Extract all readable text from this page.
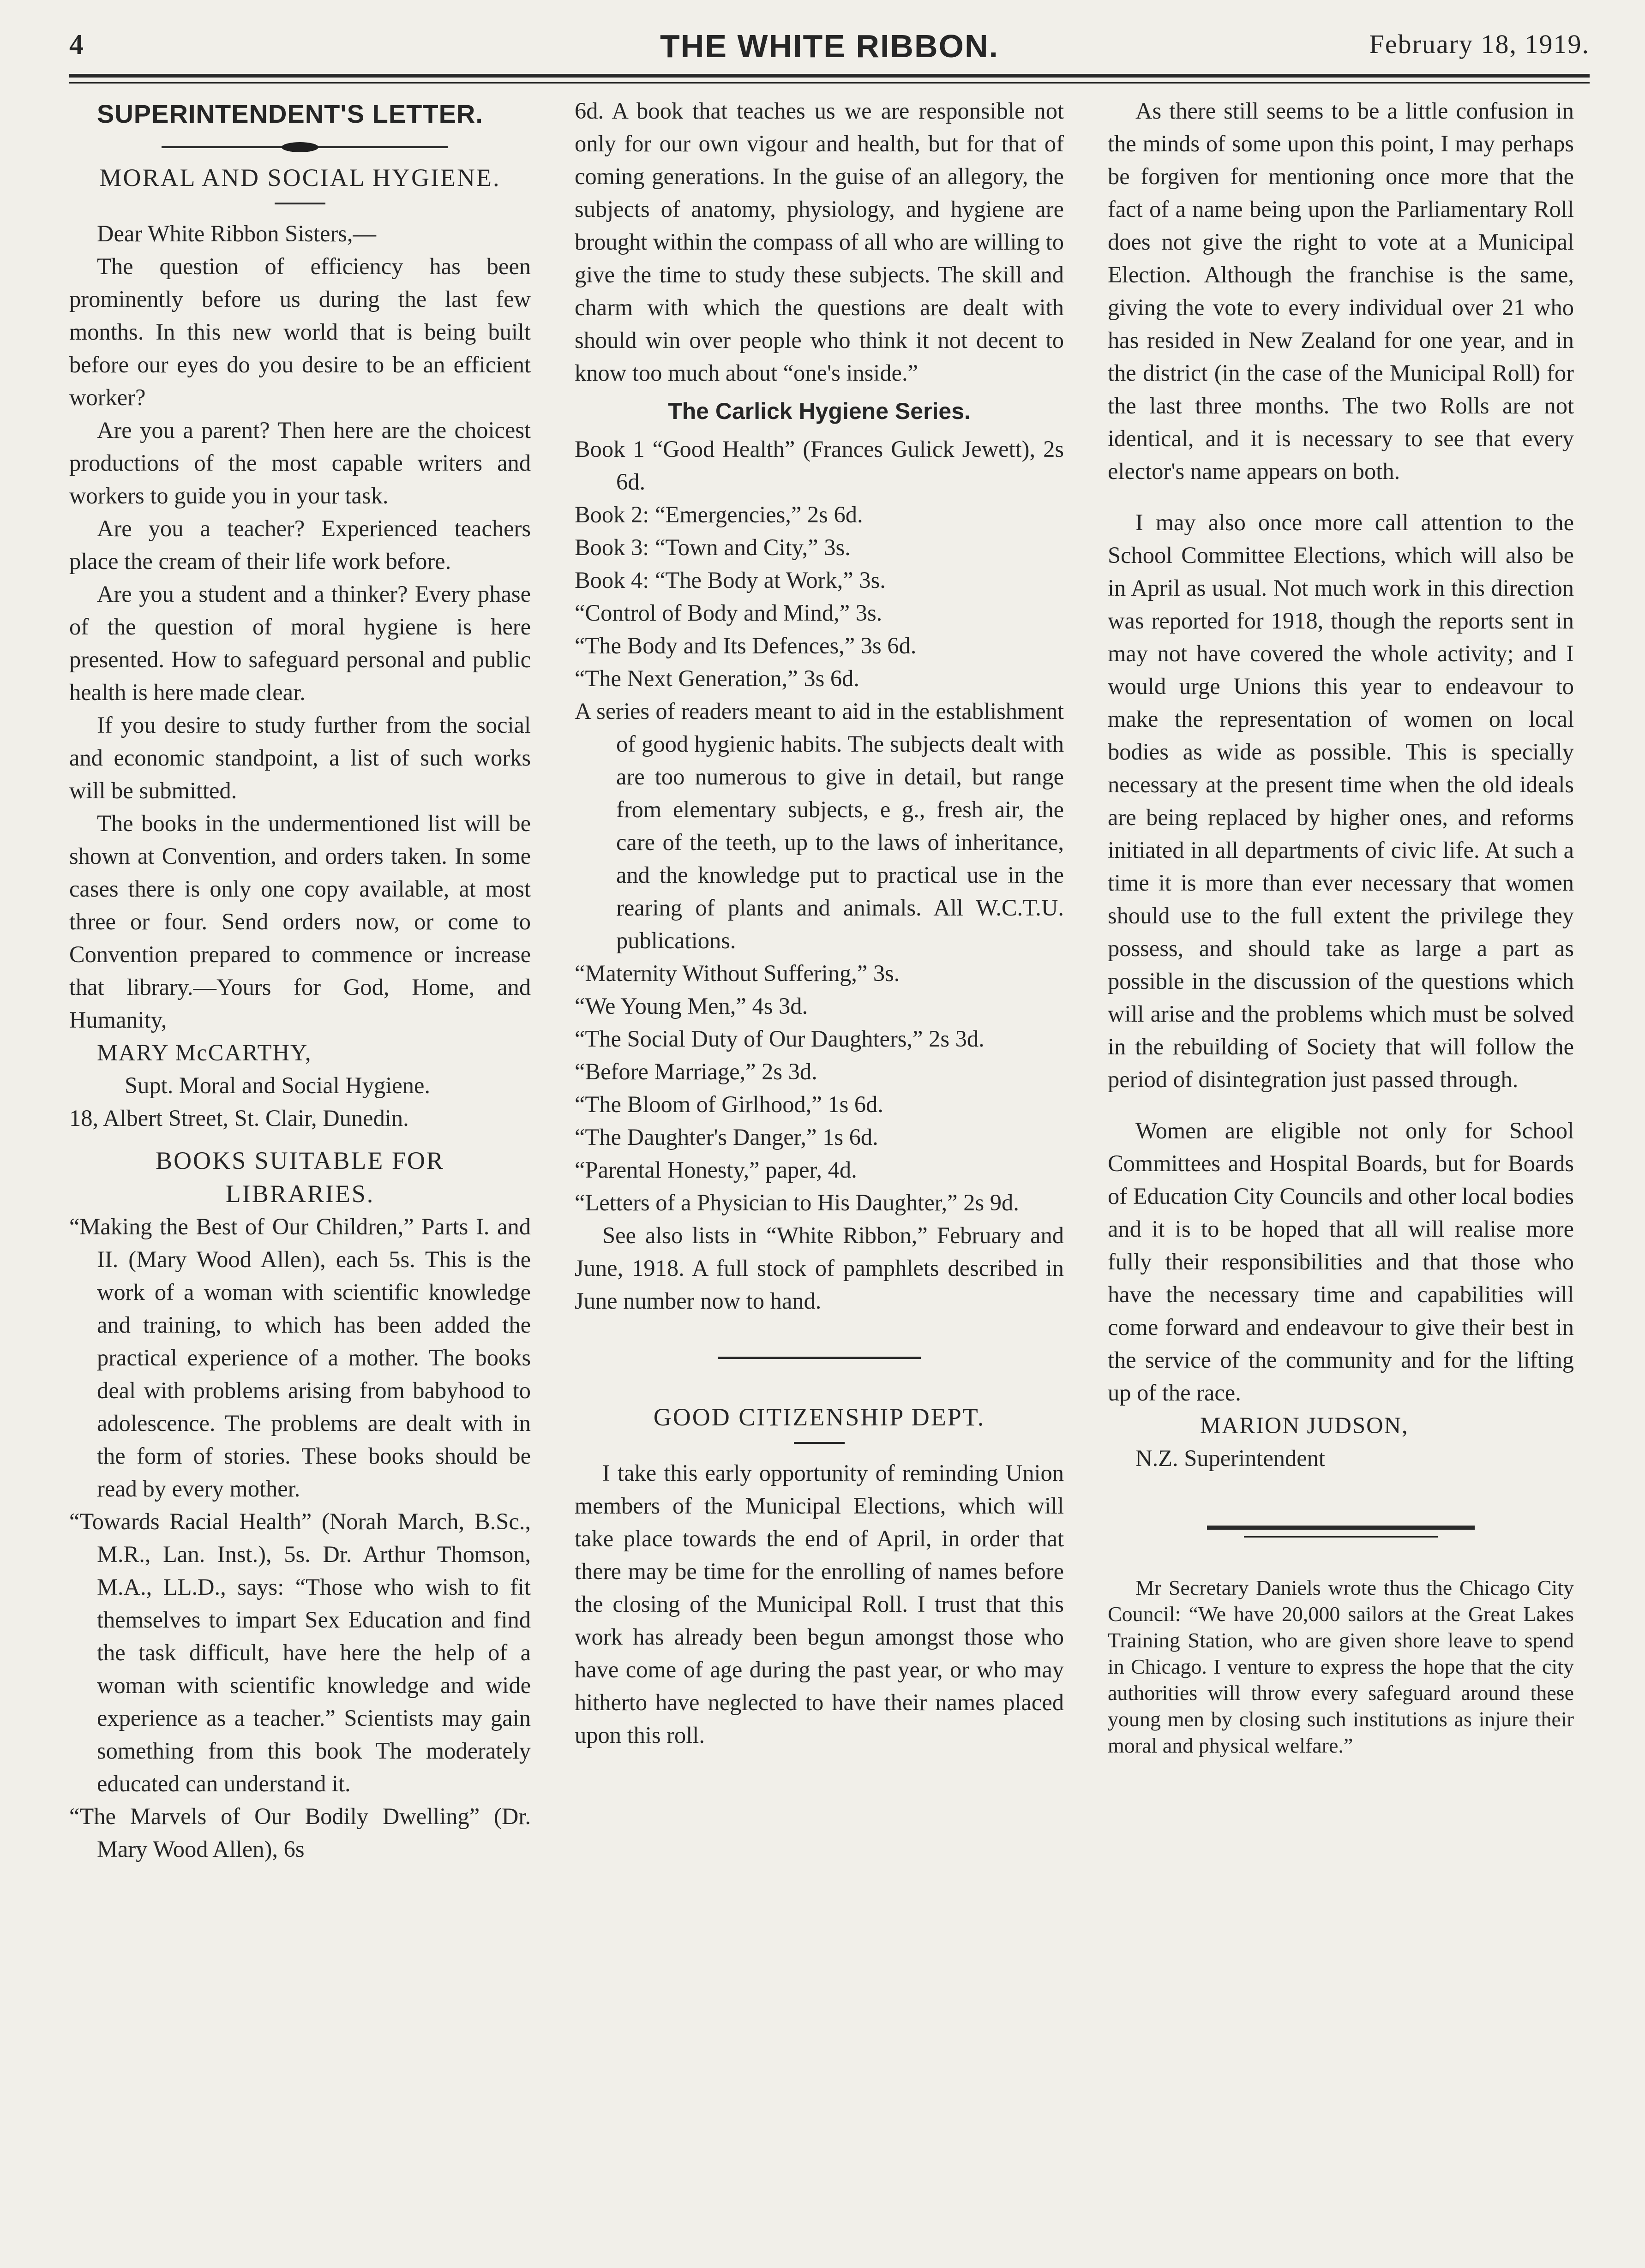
4	THE WHITE RIBBON.	February 18, 1919.

SUPERINTENDENT'S LETTER.

MORAL AND SOCIAL HYGIENE.

Dear White Ribbon Sisters,—

The question of efficiency has been prominently before us during the last few months. In this new world that is being built before our eyes do you desire to be an efficient worker?

Are you a parent? Then here are the choicest productions of the most capable writers and workers to guide you in your task.

Are you a teacher? Experienced teachers place the cream of their life work before.

Are you a student and a thinker? Every phase of the question of moral hygiene is here presented. How to safeguard personal and public health is here made clear.

If you desire to study further from the social and economic standpoint, a list of such works will be submitted.

The books in the undermentioned list will be shown at Convention, and orders taken. In some cases there is only one copy available, at most three or four. Send orders now, or come to Convention prepared to commence or increase that library.—Yours for God, Home, and Humanity,

MARY McCARTHY,

Supt. Moral and Social Hygiene.

18, Albert Street, St. Clair, Dunedin.

BOOKS SUITABLE FOR
LIBRARIES.

“Making the Best of Our Children,” Parts I. and II. (Mary Wood Allen), each 5s. This is the work of a woman with scientific knowledge and training, to which has been added the practical experience of a mother. The books deal with problems arising from babyhood to adolescence. The problems are dealt with in the form of stories. These books should be read by every mother.

“Towards Racial Health” (Norah March, B.Sc., M.R., Lan. Inst.), 5s. Dr. Arthur Thomson, M.A., LL.D., says: “Those who wish to fit themselves to impart Sex Education and find the task difficult, have here the help of a woman with scientific knowledge and wide experience as a teacher.” Scientists may gain something from this book The moderately educated can understand it.

“The Marvels of Our Bodily Dwelling” (Dr. Mary Wood Allen), 6s

6d. A book that teaches us we are responsible not only for our own vigour and health, but for that of coming generations. In the guise of an allegory, the subjects of anatomy, physiology, and hygiene are brought within the compass of all who are willing to give the time to study these subjects. The skill and charm with which the questions are dealt with should win over people who think it not decent to know too much about “one's inside.”

The Carlick Hygiene Series.

Book 1 “Good Health” (Frances Gulick Jewett), 2s 6d.

Book 2: “Emergencies,” 2s 6d.

Book 3: “Town and City,” 3s.

Book 4: “The Body at Work,” 3s.

“Control of Body and Mind,” 3s.

“The Body and Its Defences,” 3s 6d.

“The Next Generation,” 3s 6d.

A series of readers meant to aid in the establishment of good hygienic habits. The subjects dealt with are too numerous to give in detail, but range from elementary subjects, e g., fresh air, the care of the teeth, up to the laws of inheritance, and the knowledge put to practical use in the rearing of plants and animals. All W.C.T.U. publications.

“Maternity Without Suffering,” 3s.

“We Young Men,” 4s 3d.

“The Social Duty of Our Daughters,” 2s 3d.

“Before Marriage,” 2s 3d.

“The Bloom of Girlhood,” 1s 6d.

“The Daughter's Danger,” 1s 6d.

“Parental Honesty,” paper, 4d.

“Letters of a Physician to His Daughter,” 2s 9d.

See also lists in “White Ribbon,” February and June, 1918. A full stock of pamphlets described in June number now to hand.

GOOD CITIZENSHIP DEPT.

I take this early opportunity of reminding Union members of the Municipal Elections, which will take place towards the end of April, in order that there may be time for the enrolling of names before the closing of the Municipal Roll. I trust that this work has already been begun amongst those who have come of age during the past year, or who may hitherto have neglected to have their names placed upon this roll.

As there still seems to be a little confusion in the minds of some upon this point, I may perhaps be forgiven for mentioning once more that the fact of a name being upon the Parliamentary Roll does not give the right to vote at a Municipal Election. Although the franchise is the same, giving the vote to every individual over 21 who has resided in New Zealand for one year, and in the district (in the case of the Municipal Roll) for the last three months. The two Rolls are not identical, and it is necessary to see that every elector's name appears on both.

I may also once more call attention to the School Committee Elections, which will also be in April as usual. Not much work in this direction was reported for 1918, though the reports sent in may not have covered the whole activity; and I would urge Unions this year to endeavour to make the representation of women on local bodies as wide as possible. This is specially necessary at the present time when the old ideals are being replaced by higher ones, and reforms initiated in all departments of civic life. At such a time it is more than ever necessary that women should use to the full extent the privilege they possess, and should take as large a part as possible in the discussion of the questions which will arise and the problems which must be solved in the rebuilding of Society that will follow the period of disintegration just passed through.

Women are eligible not only for School Committees and Hospital Boards, but for Boards of Education City Councils and other local bodies and it is to be hoped that all will realise more fully their responsibilities and that those who have the necessary time and capabilities will come forward and endeavour to give their best in the service of the community and for the lifting up of the race.

MARION JUDSON,

N.Z. Superintendent

Mr Secretary Daniels wrote thus the Chicago City Council: “We have 20,000 sailors at the Great Lakes Training Station, who are given shore leave to spend in Chicago. I venture to express the hope that the city authorities will throw every safeguard around these young men by closing such institutions as injure their moral and physical welfare.”
